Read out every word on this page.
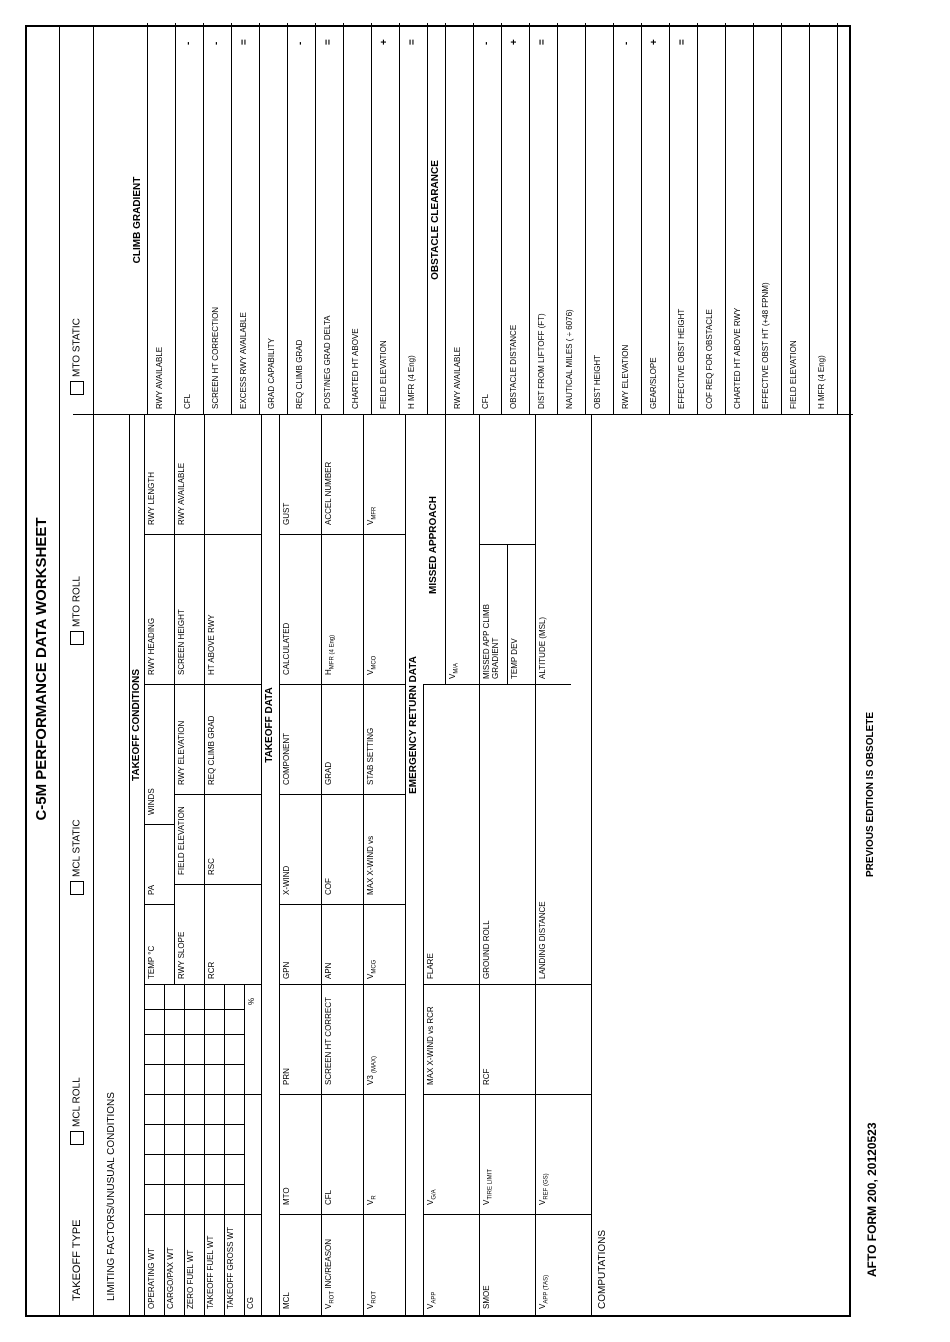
C-5M PERFORMANCE DATA WORKSHEET
TAKEOFF TYPE
MCL ROLL
MCL STATIC
MTO ROLL
MTO STATIC
LIMITING FACTORS/UNUSUAL CONDITIONS
TAKEOFF CONDITIONS
OPERATING WT CARGO/PAX WT ZERO FUEL WT TAKEOFF FUEL WT TAKEOFF GROSS WT CG
%
TEMP °C
PA
WINDS
RWY HEADING
RWY LENGTH
RWY SLOPE
FIELD ELEVATION
RWY ELEVATION
SCREEN HEIGHT
RWY AVAILABLE
RCR
RSC
REQ CLIMB GRAD
HT ABOVE RWY
TAKEOFF DATA
MCL
MTO
PRN
GPN
X-WIND
COMPONENT
CALCULATED
GUST
$V_{ROT}$ INC/REASON
CFL
SCREEN HT CORRECT
APN
COF
GRAD
$H_{MFR (4 Eng)}$
ACCEL NUMBER
$V_{ROT}$
$V_R$
V3 $_{(MAX)}$
$V_{MCG}$
MAX X-WIND vs
STAB SETTING
$V_{MCO}$
$V_{MFR}$
EMERGENCY RETURN DATA
MISSED APPROACH
$V_{APP}$
$V_{G/A}$
MAX X-WIND vs RCR
FLARE
$V_{M/A}$
SMOE
$V_{TIRE LIMIT}$
RCF
GROUND ROLL
MISSED APP CLIMB GRADIENT TEMP DEV
$V_{APP (TAS)}$
$V_{REF (GS)}$
LANDING DISTANCE
ALTITUDE (MSL)
COMPUTATIONS
CLIMB GRADIENT
RWY AVAILABLE CFL
-
SCREEN HT CORRECTION
-
EXCESS RWY AVAILABLE
=
GRAD CAPABILITY REQ CLIMB GRAD
-
POST/NEG GRAD DELTA
=
CHARTED HT ABOVE FIELD ELEVATION
+
H MFR (4 Eng)
=
OBSTACLE CLEARANCE
RWY AVAILABLE CFL
-
OBSTACLE DISTANCE
+
DIST FROM LIFTOFF (FT)
=
NAUTICAL MILES ( ÷ 6076) OBST HEIGHT RWY ELEVATION
-
GEAR/SLOPE
+
EFFECTIVE OBST HEIGHT
=
COF REQ FOR OBSTACLE CHARTED HT ABOVE RWY EFFECTIVE OBST HT (+48 FPNM) FIELD ELEVATION H MFR (4 Eng)
AFTO FORM 200, 20120523
PREVIOUS EDITION IS OBSOLETE
